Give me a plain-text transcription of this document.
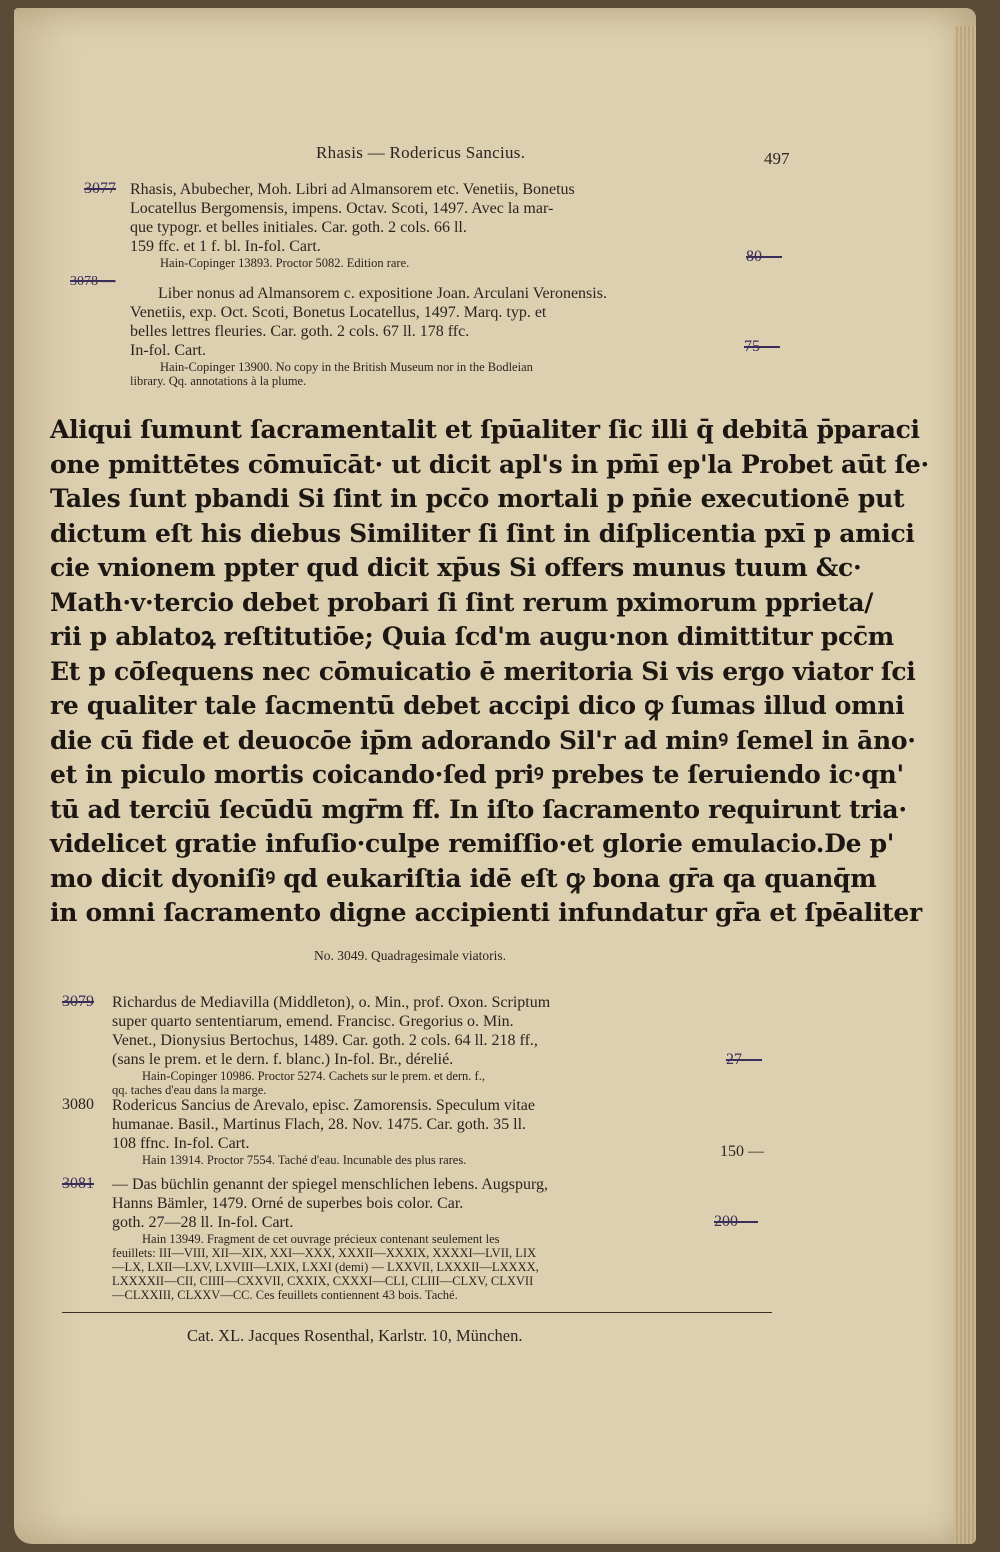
Rhasis — Rodericus Sancius.	497
3077 Rhasis, Abubecher, Moh. Libri ad Almansorem etc. Venetiis, Bonetus
Locatellus Bergomensis, impens. Octav. Scoti, 1497. Avec la mar-
que typogr. et belles initiales. Car. goth. 2 cols. 66 ll.
159 ffc. et 1 f. bl. In-fol. Cart.
Hain-Copinger 13893. Proctor 5082. Edition rare.	80 —
3078 —
Liber nonus ad Almansorem c. expositione Joan. Arculani Veronensis.
Venetiis, exp. Oct. Scoti, Bonetus Locatellus, 1497. Marq. typ. et
belles lettres fleuries. Car. goth. 2 cols. 67 ll. 178 ffc.
In-fol. Cart.
Hain-Copinger 13900. No copy in the British Museum nor in the Bodleian
library. Qq. annotations à la plume.
75 —
Aliqui ſumunt ſacramentalit et ſpūaliter ſic illi q̄ debitā p̄paraci
one pmittētes cōmuīcāt· ut dicit apl's in pm̄ī ep'la Probet aūt ſe·
Tales ſunt pbandi Si ſint in pcc̄o mortali p pn̄ie executionē put
dictum eſt his diebus Similiter ſi ſint in diſplicentia pxī p amici
cie vnionem ppter qud dicit xp̄us Si offers munus tuum &c·
Math·v·tercio debet probari ſi ſint rerum pximorum pprieta/
rii p ablatoꝝ reſtitutiōe; Quia ſcd'm augu·non dimittitur pcc̄m
Et p cōſequens nec cōmuicatio ē meritoria Si vis ergo viator ſci
re qualiter tale ſacmentū debet accipi dico ꝙ ſumas illud omni
die cū fide et deuocōe ip̄m adorando Sil'r ad minꝰ ſemel in āno·
et in piculo mortis coicando·ſed priꝰ prebes te ſeruiendo ic·qn'
tū ad terciū ſecūdū mgr̄m ff. In iſto ſacramento requirunt tria·
videlicet gratie infuſio·culpe remiſſio·et glorie emulacio.De p'
mo dicit dyoniſiꝰ qd eukariſtia idē eſt ꝙ bona gr̄a qa quanq̄m
in omni ſacramento digne accipienti infundatur gr̄a et ſpēaliter
No. 3049. Quadragesimale viatoris.
3079 Richardus de Mediavilla (Middleton), o. Min., prof. Oxon. Scriptum
super quarto sententiarum, emend. Francisc. Gregorius o. Min.
Venet., Dionysius Bertochus, 1489. Car. goth. 2 cols. 64 ll. 218 ff.,
(sans le prem. et le dern. f. blanc.) In-fol. Br., dérelié.
Hain-Copinger 10986. Proctor 5274. Cachets sur le prem. et dern. f.,
qq. taches d'eau dans la marge.
27 —
3080 Rodericus Sancius de Arevalo, episc. Zamorensis. Speculum vitae
humanae. Basil., Martinus Flach, 28. Nov. 1475. Car. goth. 35 ll.
108 ffnc. In-fol. Cart.
Hain 13914. Proctor 7554. Taché d'eau. Incunable des plus rares.	150 —
3081 — Das büchlin genannt der spiegel menschlichen lebens. Augspurg,
Hanns Bämler, 1479. Orné de superbes bois color. Car.
goth. 27—28 ll. In-fol. Cart.
Hain 13949. Fragment de cet ouvrage précieux contenant seulement les
feuillets: III—VIII, XII—XIX, XXI—XXX, XXXII—XXXIX, XXXXI—LVII, LIX
—LX, LXII—LXV, LXVIII—LXIX, LXXI (demi) — LXXVII, LXXXII—LXXXX,
LXXXXII—CII, CIIII—CXXVII, CXXIX, CXXXI—CLI, CLIII—CLXV, CLXVII
—CLXXIII, CLXXV—CC. Ces feuillets contiennent 43 bois. Taché.
200 —
Cat. XL. Jacques Rosenthal, Karlstr. 10, München.
